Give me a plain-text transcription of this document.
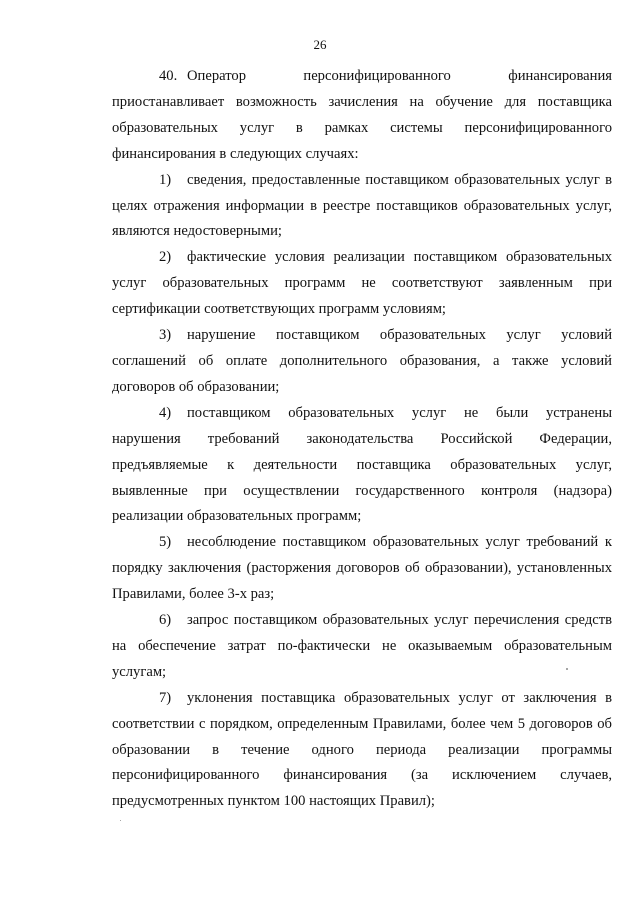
26

40. Оператор персонифицированного финансирования приостанавливает возможность зачисления на обучение для поставщика образовательных услуг в рамках системы персонифицированного финансирования в следующих случаях:

1) сведения, предоставленные поставщиком образовательных услуг в целях отражения информации в реестре поставщиков образовательных услуг, являются недостоверными;

2) фактические условия реализации поставщиком образовательных услуг образовательных программ не соответствуют заявленным при сертификации соответствующих программ условиям;

3) нарушение поставщиком образовательных услуг условий соглашений об оплате дополнительного образования, а также условий договоров об образовании;

4) поставщиком образовательных услуг не были устранены нарушения требований законодательства Российской Федерации, предъявляемые к деятельности поставщика образовательных услуг, выявленные при осуществлении государственного контроля (надзора) реализации образовательных программ;

5) несоблюдение поставщиком образовательных услуг требований к порядку заключения (расторжения договоров об образовании), установленных Правилами, более 3-х раз;

6) запрос поставщиком образовательных услуг перечисления средств на обеспечение затрат по-фактически не оказываемым образовательным услугам;

7) уклонения поставщика образовательных услуг от заключения в соответствии с порядком, определенным Правилами, более чем 5 договоров об образовании в течение одного периода реализации программы персонифицированного финансирования (за исключением случаев, предусмотренных пунктом 100 настоящих Правил);
